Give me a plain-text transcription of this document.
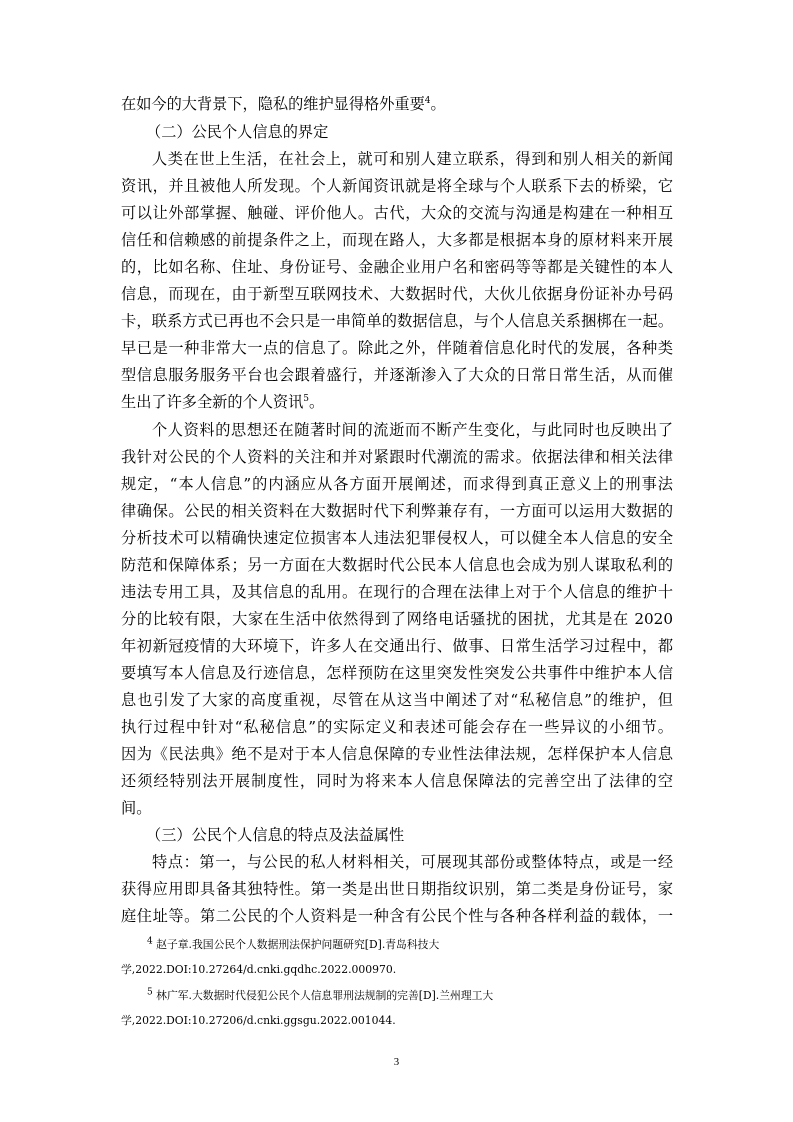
在如今的大背景下，隐私的维护显得格外重要$^4$。
（二）公民个人信息的界定
人类在世上生活，在社会上，就可和别人建立联系，得到和别人相关的新闻
资讯，并且被他人所发现。个人新闻资讯就是将全球与个人联系下去的桥梁，它
可以让外部掌握、触碰、评价他人。古代，大众的交流与沟通是构建在一种相互
信任和信赖感的前提条件之上，而现在路人，大多都是根据本身的原材料来开展
的，比如名称、住址、身份证号、金融企业用户名和密码等等都是关键性的本人
信息，而现在，由于新型互联网技术、大数据时代，大伙儿依据身份证补办号码
卡，联系方式已再也不会只是一串简单的数据信息，与个人信息关系捆梆在一起。
早已是一种非常大一点的信息了。除此之外，伴随着信息化时代的发展，各种类
型信息服务服务平台也会跟着盛行，并逐渐渗入了大众的日常日常生活，从而催
生出了许多全新的个人资讯$^5$。
个人资料的思想还在随著时间的流逝而不断产生变化，与此同时也反映出了
我针对公民的个人资料的关注和并对紧跟时代潮流的需求。依据法律和相关法律
规定，“本人信息”的内涵应从各方面开展阐述，而求得到真正意义上的刑事法
律确保。公民的相关资料在大数据时代下利弊兼存有，一方面可以运用大数据的
分析技术可以精确快速定位损害本人违法犯罪侵权人，可以健全本人信息的安全
防范和保障体系；另一方面在大数据时代公民本人信息也会成为别人谋取私利的
违法专用工具，及其信息的乱用。在现行的合理在法律上对于个人信息的维护十
分的比较有限，大家在生活中依然得到了网络电话骚扰的困扰，尤其是在 2020
年初新冠疫情的大环境下，许多人在交通出行、做事、日常生活学习过程中，都
要填写本人信息及行迹信息，怎样预防在这里突发性突发公共事件中维护本人信
息也引发了大家的高度重视，尽管在从这当中阐述了对“私秘信息”的维护，但
执行过程中针对“私秘信息”的实际定义和表述可能会存在一些异议的小细节。
因为《民法典》绝不是对于本人信息保障的专业性法律法规，怎样保护本人信息
还须经特别法开展制度性，同时为将来本人信息保障法的完善空出了法律的空
间。
（三）公民个人信息的特点及法益属性
特点：第一，与公民的私人材料相关，可展现其部份或整体特点，或是一经
获得应用即具备其独特性。第一类是出世日期指纹识别，第二类是身份证号，家
庭住址等。第二公民的个人资料是一种含有公民个性与各种各样利益的载体，一
$^4$ 赵子章.我国公民个人数据刑法保护问题研究[D].青岛科技大
学,2022.DOI:10.27264/d.cnki.gqdhc.2022.000970.
$^5$ 林广军.大数据时代侵犯公民个人信息罪刑法规制的完善[D].兰州理工大
学,2022.DOI:10.27206/d.cnki.ggsgu.2022.001044.
3
